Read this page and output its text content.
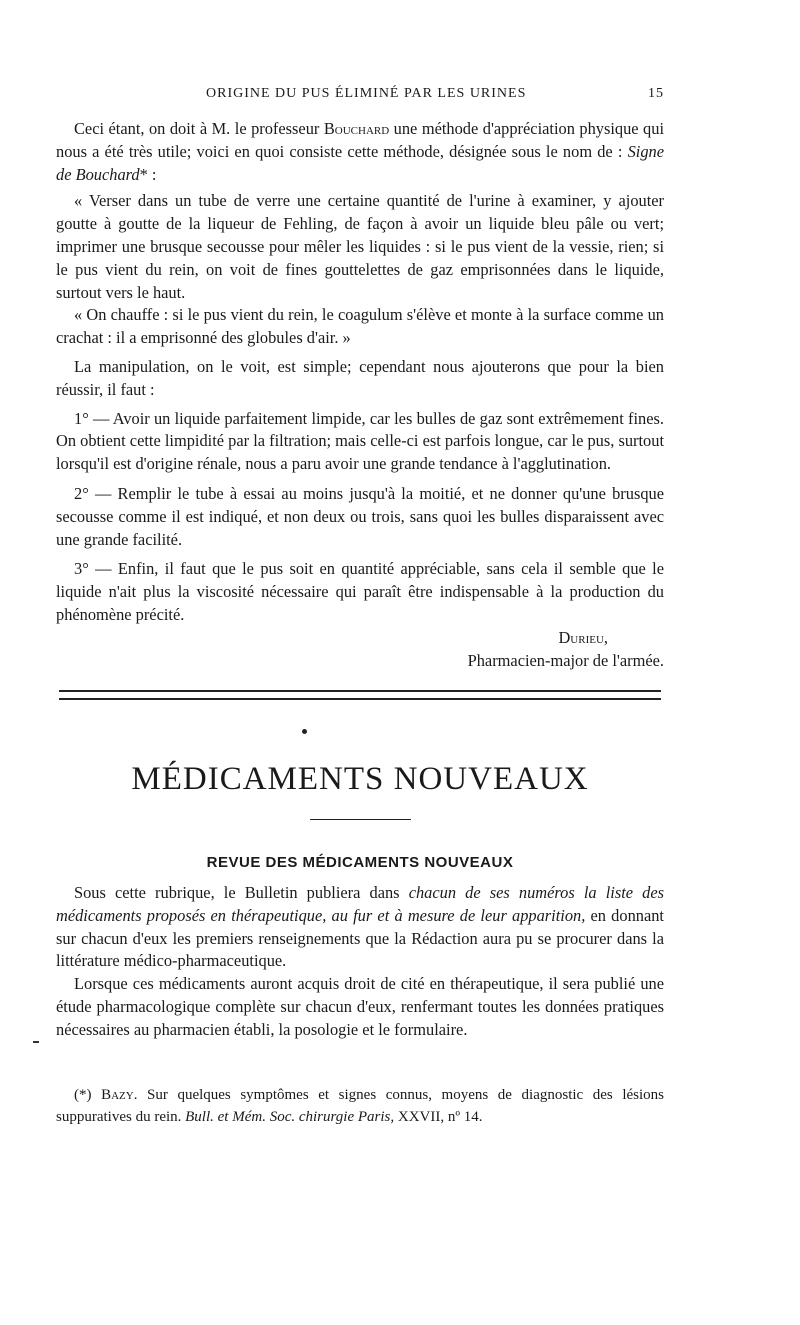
ORIGINE DU PUS ÉLIMINÉ PAR LES URINES	15

Ceci étant, on doit à M. le professeur Bouchard une méthode d'appréciation physique qui nous a été très utile; voici en quoi consiste cette méthode, désignée sous le nom de : Signe de Bouchard* :

« Verser dans un tube de verre une certaine quantité de l'urine à examiner, y ajouter goutte à goutte de la liqueur de Fehling, de façon à avoir un liquide bleu pâle ou vert; imprimer une brusque secousse pour mêler les liquides : si le pus vient de la vessie, rien; si le pus vient du rein, on voit de fines gouttelettes de gaz emprisonnées dans le liquide, surtout vers le haut.

« On chauffe : si le pus vient du rein, le coagulum s'élève et monte à la surface comme un crachat : il a emprisonné des globules d'air. »

La manipulation, on le voit, est simple; cependant nous ajouterons que pour la bien réussir, il faut :

1° — Avoir un liquide parfaitement limpide, car les bulles de gaz sont extrêmement fines. On obtient cette limpidité par la filtration; mais celle-ci est parfois longue, car le pus, surtout lorsqu'il est d'origine rénale, nous a paru avoir une grande tendance à l'agglutination.

2° — Remplir le tube à essai au moins jusqu'à la moitié, et ne donner qu'une brusque secousse comme il est indiqué, et non deux ou trois, sans quoi les bulles disparaissent avec une grande facilité.

3° — Enfin, il faut que le pus soit en quantité appréciable, sans cela il semble que le liquide n'ait plus la viscosité nécessaire qui paraît être indispensable à la production du phénomène précité.

Durieu,
Pharmacien-major de l'armée.
MÉDICAMENTS NOUVEAUX
REVUE DES MÉDICAMENTS NOUVEAUX

Sous cette rubrique, le Bulletin publiera dans chacun de ses numéros la liste des médicaments proposés en thérapeutique, au fur et à mesure de leur apparition, en donnant sur chacun d'eux les premiers renseignements que la Rédaction aura pu se procurer dans la littérature médico-pharmaceutique.

Lorsque ces médicaments auront acquis droit de cité en thérapeutique, il sera publié une étude pharmacologique complète sur chacun d'eux, renfermant toutes les données pratiques nécessaires au pharmacien établi, la posologie et le formulaire.

(*) Bazy. Sur quelques symptômes et signes connus, moyens de diagnostic des lésions suppuratives du rein. Bull. et Mém. Soc. chirurgie Paris, XXVII, nº 14.
